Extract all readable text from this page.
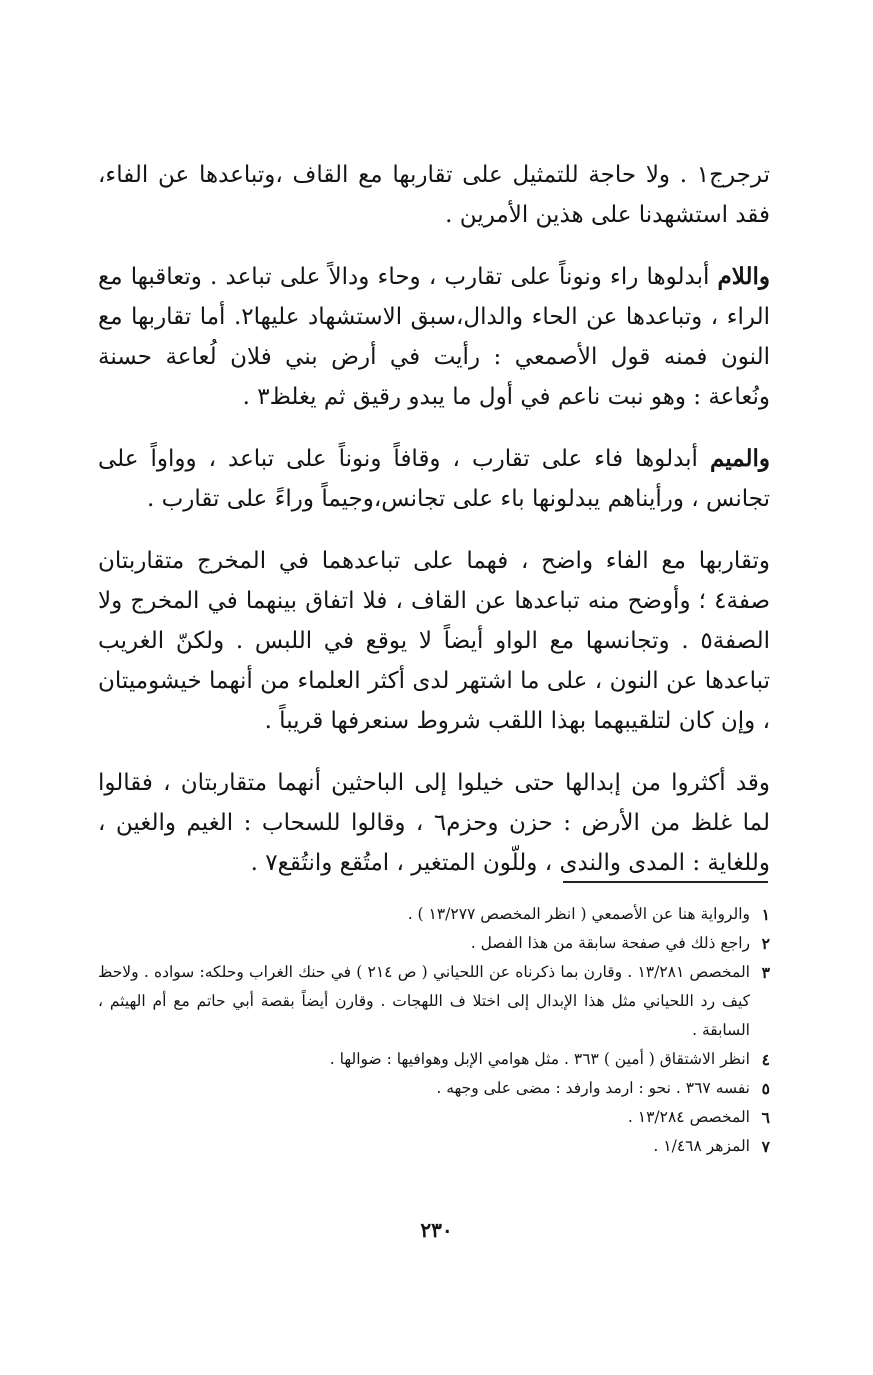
ترجرج١ . ولا حاجة للتمثيل على تقاربها مع القاف ،وتباعدها عن الفاء، فقد استشهدنا على هذين الأمرين .

واللام أبدلوها راء ونوناً على تقارب ، وحاء ودالاً على تباعد . وتعاقبها مع الراء ، وتباعدها عن الحاء والدال،سبق الاستشهاد عليها٢. أما تقاربها مع النون فمنه قول الأصمعي : رأيت في أرض بني فلان لُعاعة حسنة ونُعاعة : وهو نبت ناعم في أول ما يبدو رقيق ثم يغلظ٣ .

والميم أبدلوها فاء على تقارب ، وقافاً ونوناً على تباعد ، وواواً على تجانس ، ورأيناهم يبدلونها باء على تجانس،وجيماً وراءً على تقارب .

وتقاربها مع الفاء واضح ، فهما على تباعدهما في المخرج متقاربتان صفة٤ ؛ وأوضح منه تباعدها عن القاف ، فلا اتفاق بينهما في المخرج ولا الصفة٥ . وتجانسها مع الواو أيضاً لا يوقع في اللبس . ولكنّ الغريب تباعدها عن النون ، على ما اشتهر لدى أكثر العلماء من أنهما خيشوميتان ، وإن كان لتلقيبهما بهذا اللقب شروط سنعرفها قريباً .

وقد أكثروا من إبدالها حتى خيلوا إلى الباحثين أنهما متقاربتان ، فقالوا لما غلظ من الأرض : حزن وحزم٦ ، وقالوا للسحاب : الغيم والغين ، وللغاية : المدى والندى ، وللّون المتغير ، امتُقع وانتُقع٧ .

١
والرواية هنا عن الأصمعي ( انظر المخصص ١٣/٢٧٧ ) .
٢
راجع ذلك في صفحة سابقة من هذا الفصل .
٣
المخصص ١٣/٢٨١ . وقارن بما ذكرناه عن اللحياني ( ص ٢١٤ ) في حنك الغراب وحلكه: سواده . ولاحظ كيف رد اللحياني مثل هذا الإبدال إلى اختلا ف اللهجات . وقارن أيضاً بقصة أبي حاتم مع أم الهيثم ، السابقة .
٤
انظر الاشتقاق ( أمين ) ٣٦٣ . مثل هوامي الإبل وهوافيها : ضوالها .
٥
نفسه ٣٦٧ . نحو : ارمد وارفد : مضى على وجهه .
٦
المخصص ١٣/٢٨٤ .
٧
المزهر ١/٤٦٨ .
٢٣٠
